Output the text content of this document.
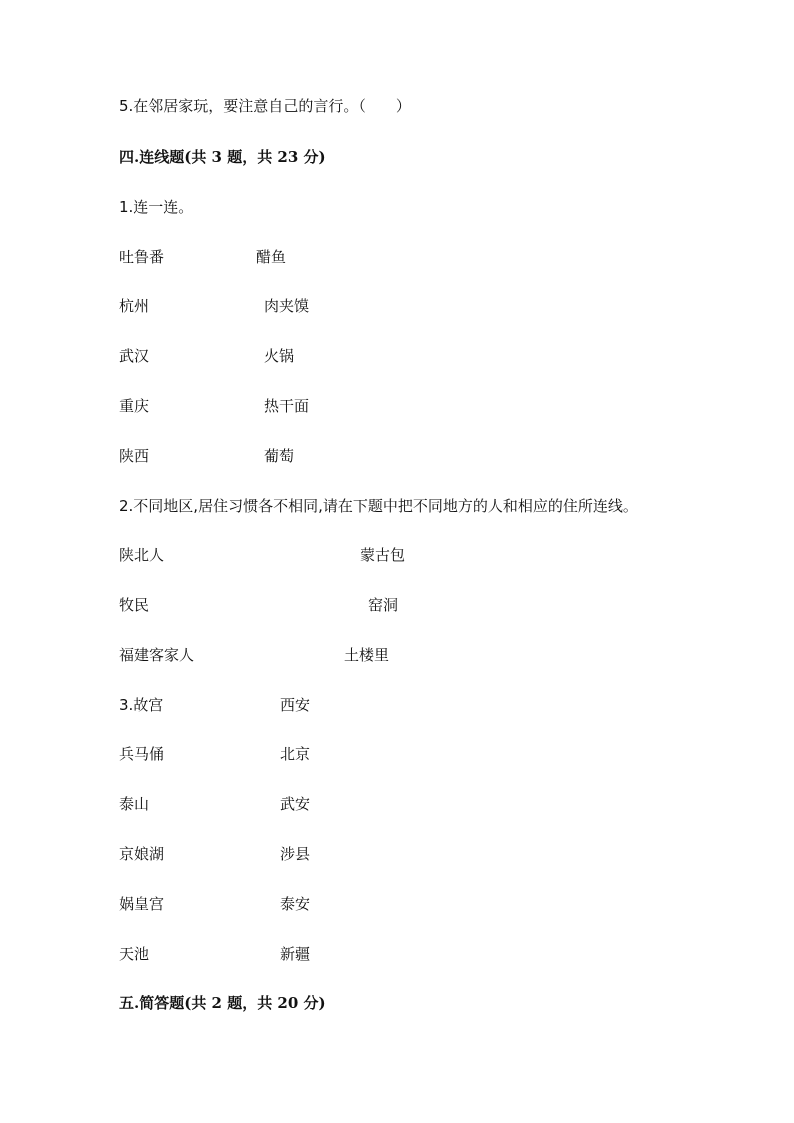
5.在邻居家玩，要注意自己的言行。（　　）
四.连线题(共 3 题，共 23 分)
1.连一连。
吐鲁番	醋鱼
杭州	肉夹馍
武汉	火锅
重庆	热干面
陕西	葡萄
2.不同地区,居住习惯各不相同,请在下题中把不同地方的人和相应的住所连线。
陕北人	蒙古包
牧民	窑洞
福建客家人	土楼里
3.故宫	西安
兵马俑	北京
泰山	武安
京娘湖	涉县
娲皇宫	泰安
天池	新疆
五.简答题(共 2 题，共 20 分)
